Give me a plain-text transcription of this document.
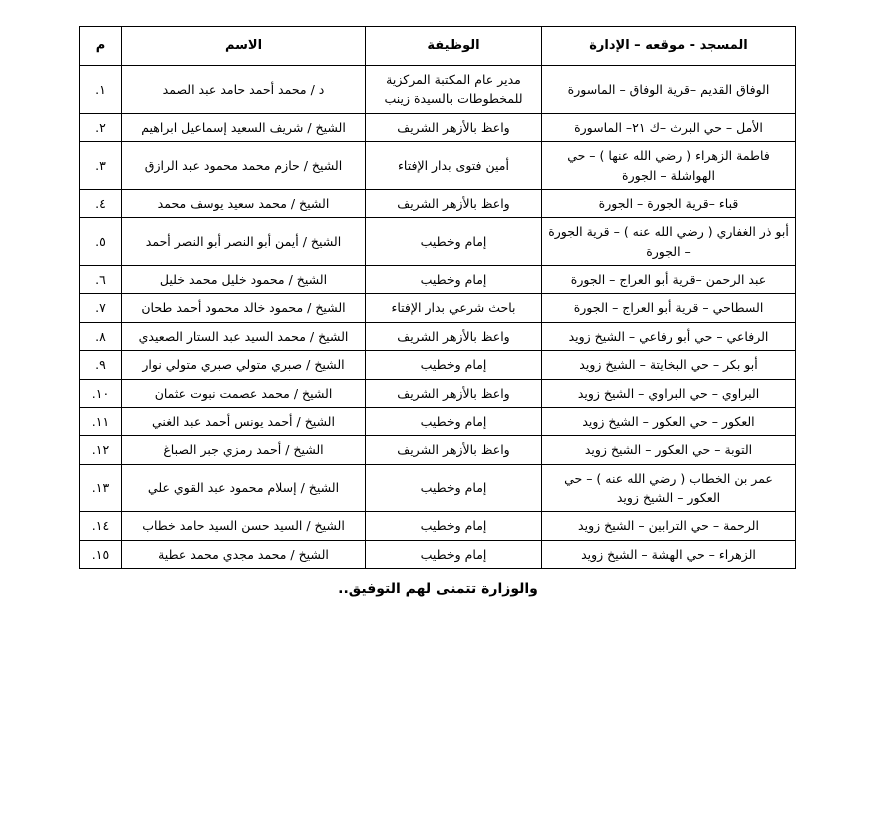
المسجد - موقعه – الإدارة	الوظيفة	الاسم	م
الوفاق القديم –قرية الوفاق – الماسورة	مدير عام المكتبة المركزية للمخطوطات بالسيدة زينب	د / محمد أحمد حامد عبد الصمد	١.
الأمل – حي البرث –ك ٢١– الماسورة	واعظ بالأزهر الشريف	الشيخ / شريف السعيد إسماعيل ابراهيم	٢.
فاطمة الزهراء ( رضي الله عنها ) – حي الهواشلة – الجورة	أمين فتوى بدار الإفتاء	الشيخ / حازم محمد محمود عبد الرازق	٣.
قباء –قرية الجورة – الجورة	واعظ بالأزهر الشريف	الشيخ / محمد سعيد يوسف محمد	٤.
أبو ذر الغفاري ( رضي الله عنه ) – قرية الجورة – الجورة	إمام وخطيب	الشيخ / أيمن أبو النصر أبو النصر أحمد	٥.
عبد الرحمن –قرية أبو العراج – الجورة	إمام وخطيب	الشيخ / محمود خليل محمد خليل	٦.
السطاحي – قرية أبو العراج – الجورة	باحث شرعي بدار الإفتاء	الشيخ / محمود خالد محمود أحمد طحان	٧.
الرفاعي – حي أبو رفاعي – الشيخ زويد	واعظ بالأزهر الشريف	الشيخ / محمد السيد عبد الستار الصعيدي	٨.
أبو بكر – حي البخايتة – الشيخ زويد	إمام وخطيب	الشيخ / صبري متولي صبري متولي نوار	٩.
البراوي – حي البراوي – الشيخ زويد	واعظ بالأزهر الشريف	الشيخ / محمد عصمت نبوت عثمان	١٠.
العكور – حي العكور – الشيخ زويد	إمام وخطيب	الشيخ / أحمد يونس أحمد عبد الغني	١١.
التوبة – حي العكور – الشيخ زويد	واعظ بالأزهر الشريف	الشيخ / أحمد رمزي جبر الصباغ	١٢.
عمر بن الخطاب ( رضي الله عنه ) – حي العكور – الشيخ زويد	إمام وخطيب	الشيخ / إسلام محمود عبد القوي علي	١٣.
الرحمة – حي الترابين – الشيخ زويد	إمام وخطيب	الشيخ / السيد حسن السيد حامد خطاب	١٤.
الزهراء – حي الهشة – الشيخ زويد	إمام وخطيب	الشيخ / محمد مجدي محمد عطية	١٥.
والوزارة تتمنى لهم التوفيق..
